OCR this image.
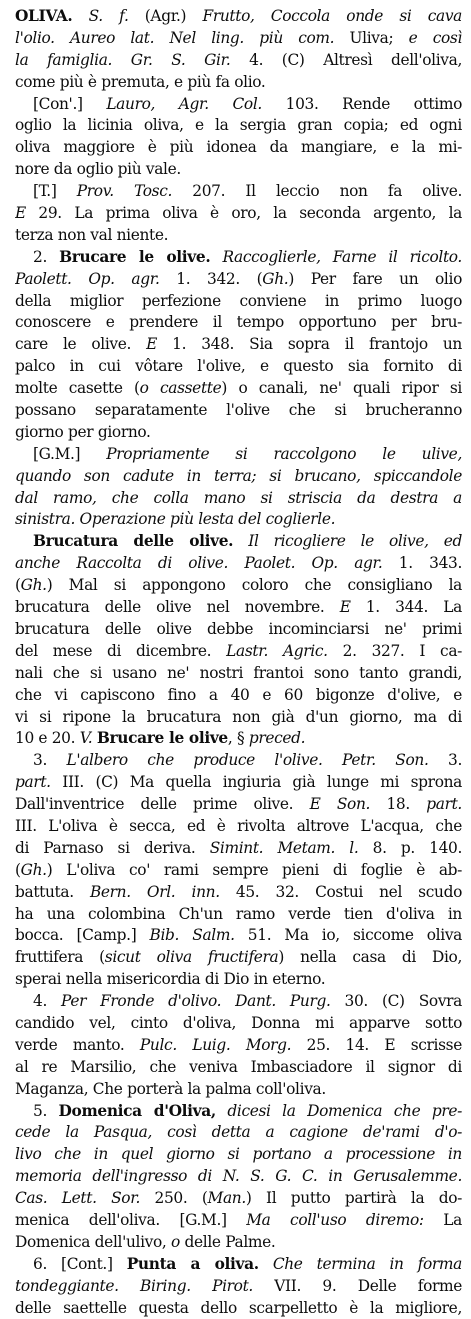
OLIVA. S. f. (Agr.) Frutto, Coccola onde si cava
l'olio. Aureo lat. Nel ling. più com. Uliva; e così
la famiglia. Gr. S. Gir. 4. (C) Altresì dell'oliva,
come più è premuta, e più fa olio.
[Con'.] Lauro, Agr. Col. 103. Rende ottimo
oglio la licinia oliva, e la sergia gran copia; ed ogni
oliva maggiore è più idonea da mangiare, e la mi-
nore da oglio più vale.
[T.] Prov. Tosc. 207. Il leccio non fa olive.
E 29. La prima oliva è oro, la seconda argento, la
terza non val niente.
2. Brucare le olive. Raccoglierle, Farne il ricolto.
Paolett. Op. agr. 1. 342. (Gh.) Per fare un olio
della miglior perfezione conviene in primo luogo
conoscere e prendere il tempo opportuno per bru-
care le olive. E 1. 348. Sia sopra il frantojo un
palco in cui vôtare l'olive, e questo sia fornito di
molte casette (o cassette) o canali, ne' quali ripor si
possano separatamente l'olive che si brucheranno
giorno per giorno.
[G.M.] Propriamente si raccolgono le ulive,
quando son cadute in terra; si brucano, spiccandole
dal ramo, che colla mano si striscia da destra a
sinistra. Operazione più lesta del coglierle.
Brucatura delle olive. Il ricogliere le olive, ed
anche Raccolta di olive. Paolet. Op. agr. 1. 343.
(Gh.) Mal si appongono coloro che consigliano la
brucatura delle olive nel novembre. E 1. 344. La
brucatura delle olive debbe incominciarsi ne' primi
del mese di dicembre. Lastr. Agric. 2. 327. I ca-
nali che si usano ne' nostri frantoi sono tanto grandi,
che vi capiscono fino a 40 e 60 bigonze d'olive, e
vi si ripone la brucatura non già d'un giorno, ma di
10 e 20. V. Brucare le olive, § preced.
3. L'albero che produce l'olive. Petr. Son. 3.
part. III. (C) Ma quella ingiuria già lunge mi sprona
Dall'inventrice delle prime olive. E Son. 18. part.
III. L'oliva è secca, ed è rivolta altrove L'acqua, che
di Parnaso si deriva. Simint. Metam. l. 8. p. 140.
(Gh.) L'oliva co' rami sempre pieni di foglie è ab-
battuta. Bern. Orl. inn. 45. 32. Costui nel scudo
ha una colombina Ch'un ramo verde tien d'oliva in
bocca. [Camp.] Bib. Salm. 51. Ma io, siccome oliva
fruttifera (sicut oliva fructifera) nella casa di Dio,
sperai nella misericordia di Dio in eterno.
4. Per Fronde d'olivo. Dant. Purg. 30. (C) Sovra
candido vel, cinto d'oliva, Donna mi apparve sotto
verde manto. Pulc. Luig. Morg. 25. 14. E scrisse
al re Marsilio, che veniva Imbasciadore il signor di
Maganza, Che porterà la palma coll'oliva.
5. Domenica d'Oliva, dicesi la Domenica che pre-
cede la Pasqua, così detta a cagione de'rami d'o-
livo che in quel giorno si portano a processione in
memoria dell'ingresso di N. S. G. C. in Gerusalemme.
Cas. Lett. Sor. 250. (Man.) Il putto partirà la do-
menica dell'oliva. [G.M.] Ma coll'uso diremo: La
Domenica dell'ulivo, o delle Palme.
6. [Cont.] Punta a oliva. Che termina in forma
tondeggiante. Biring. Pirot. VII. 9. Delle forme
delle saettelle questa dello scarpelletto è la migliore,
